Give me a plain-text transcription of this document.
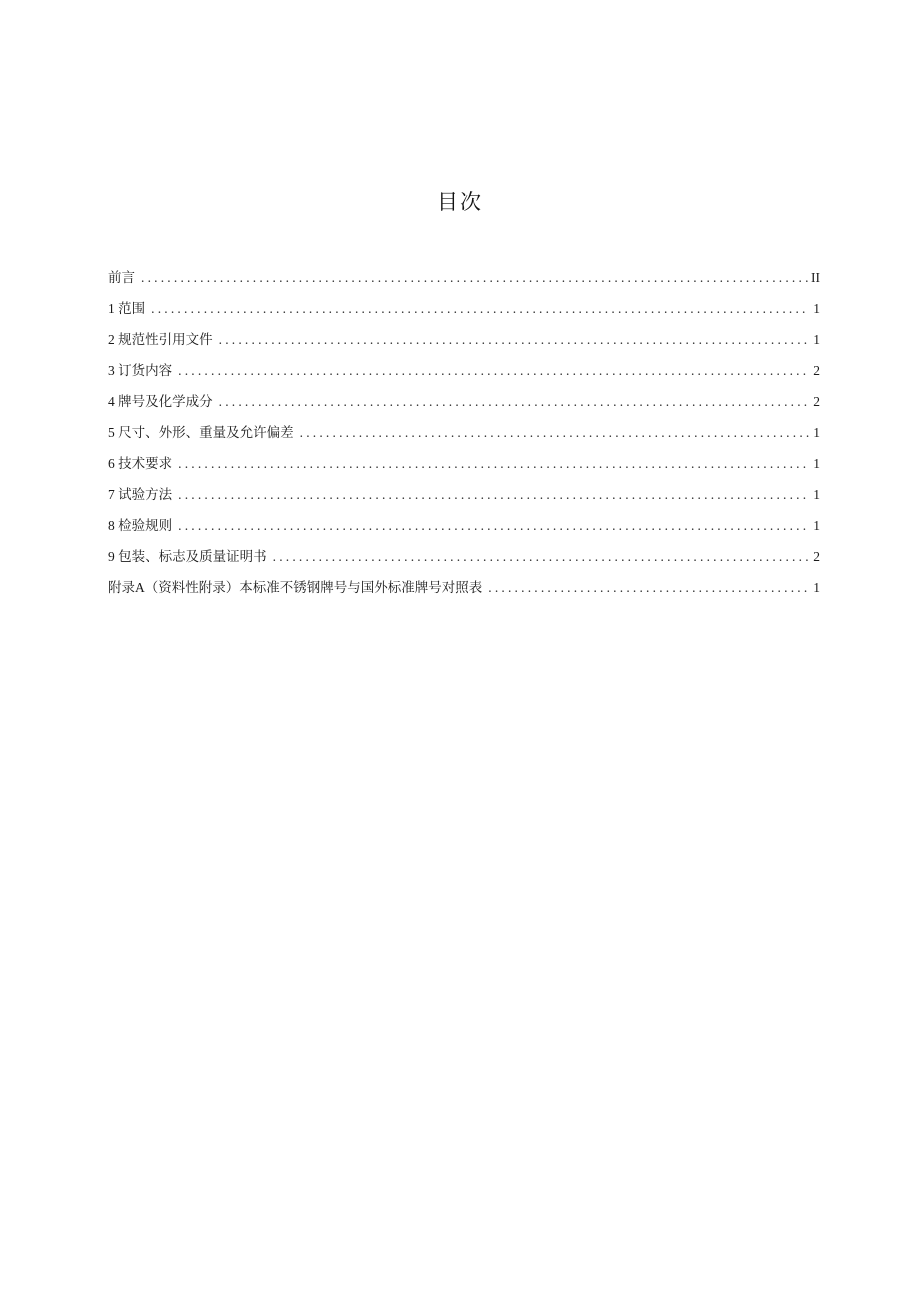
目次
前言 .....	II
1 范围 .....	1
2 规范性引用文件 .....	1
3 订货内容 .....	2
4 牌号及化学成分 .....	2
5 尺寸、外形、重量及允许偏差 .....	1
6 技术要求 .....	1
7 试验方法 .....	1
8 检验规则 .....	1
9 包装、标志及质量证明书 .....	2
附录A（资料性附录）本标准不锈钢牌号与国外标准牌号对照表 .....	1
